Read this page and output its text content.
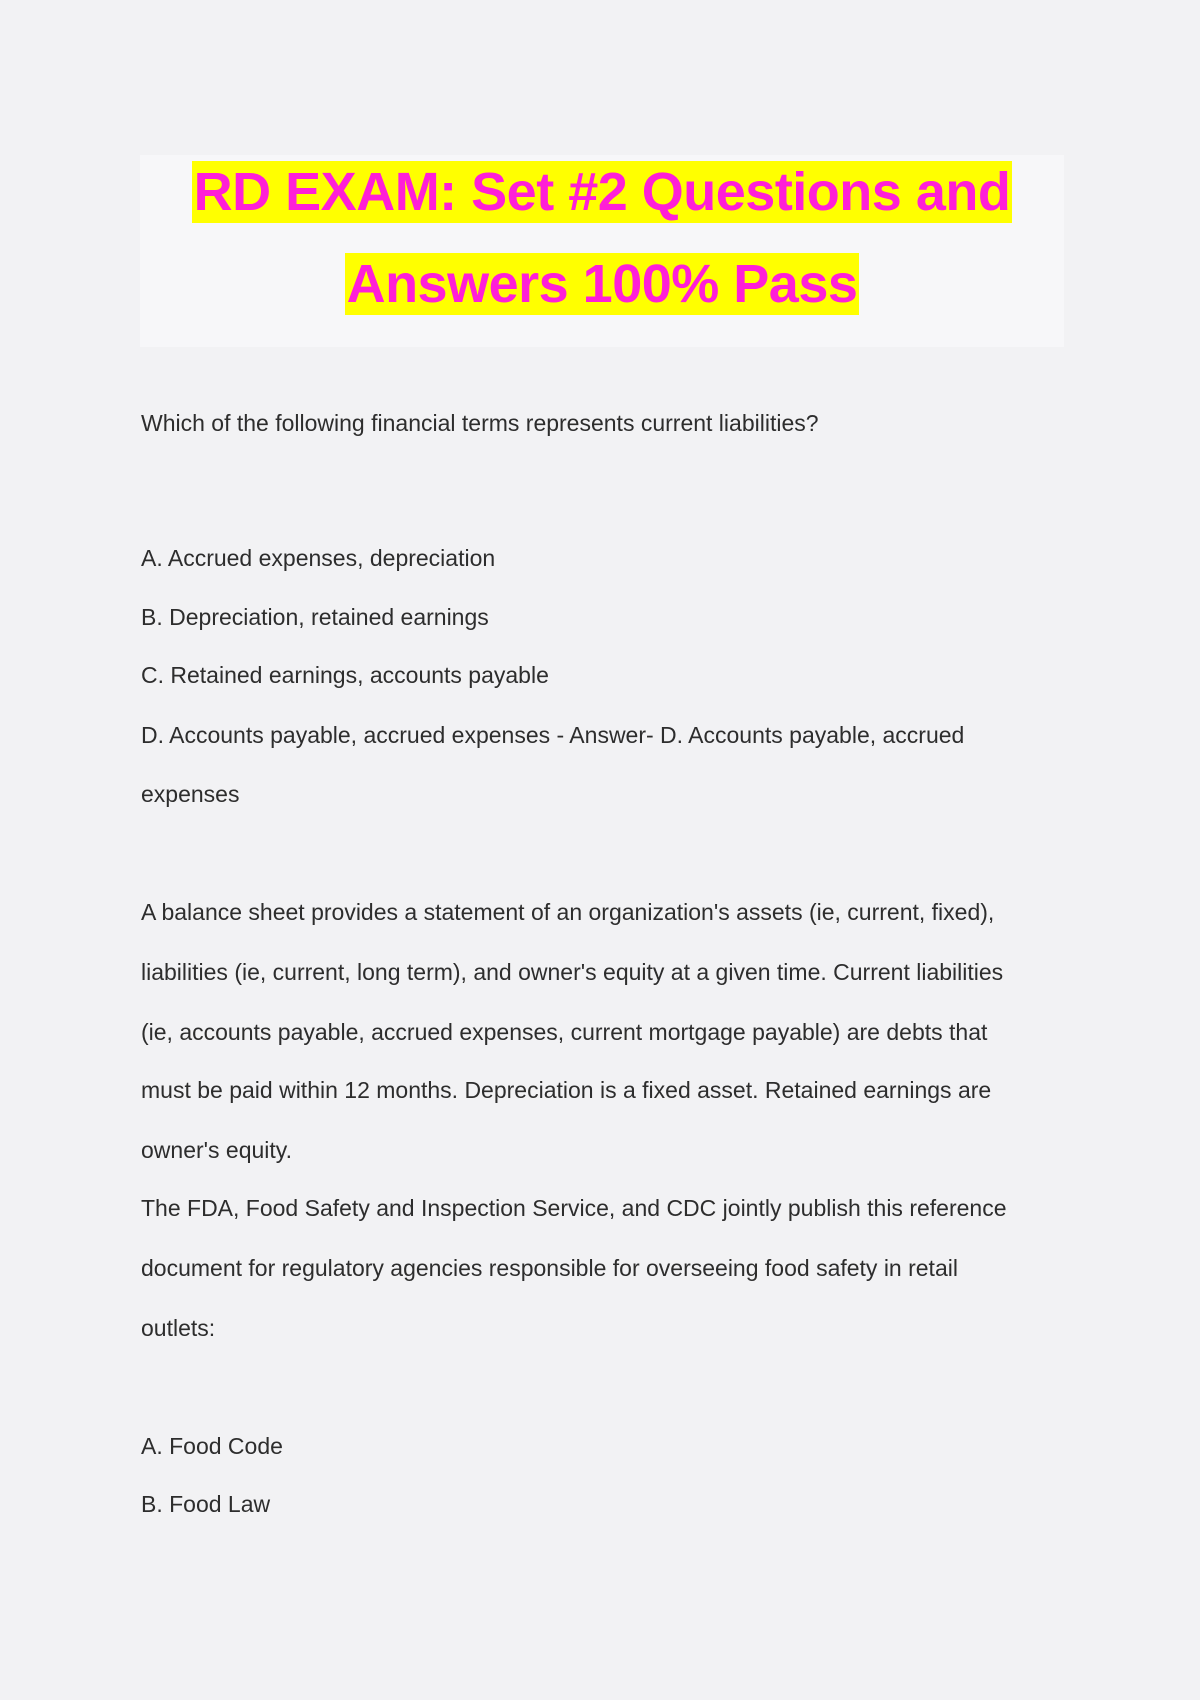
RD EXAM: Set #2 Questions and
Answers 100% Pass
Which of the following financial terms represents current liabilities?
A. Accrued expenses, depreciation
B. Depreciation, retained earnings
C. Retained earnings, accounts payable
D. Accounts payable, accrued expenses - Answer- D. Accounts payable, accrued
expenses
A balance sheet provides a statement of an organization's assets (ie, current, fixed),
liabilities (ie, current, long term), and owner's equity at a given time. Current liabilities
(ie, accounts payable, accrued expenses, current mortgage payable) are debts that
must be paid within 12 months. Depreciation is a fixed asset. Retained earnings are
owner's equity.
The FDA, Food Safety and Inspection Service, and CDC jointly publish this reference
document for regulatory agencies responsible for overseeing food safety in retail
outlets:
A. Food Code
B. Food Law
